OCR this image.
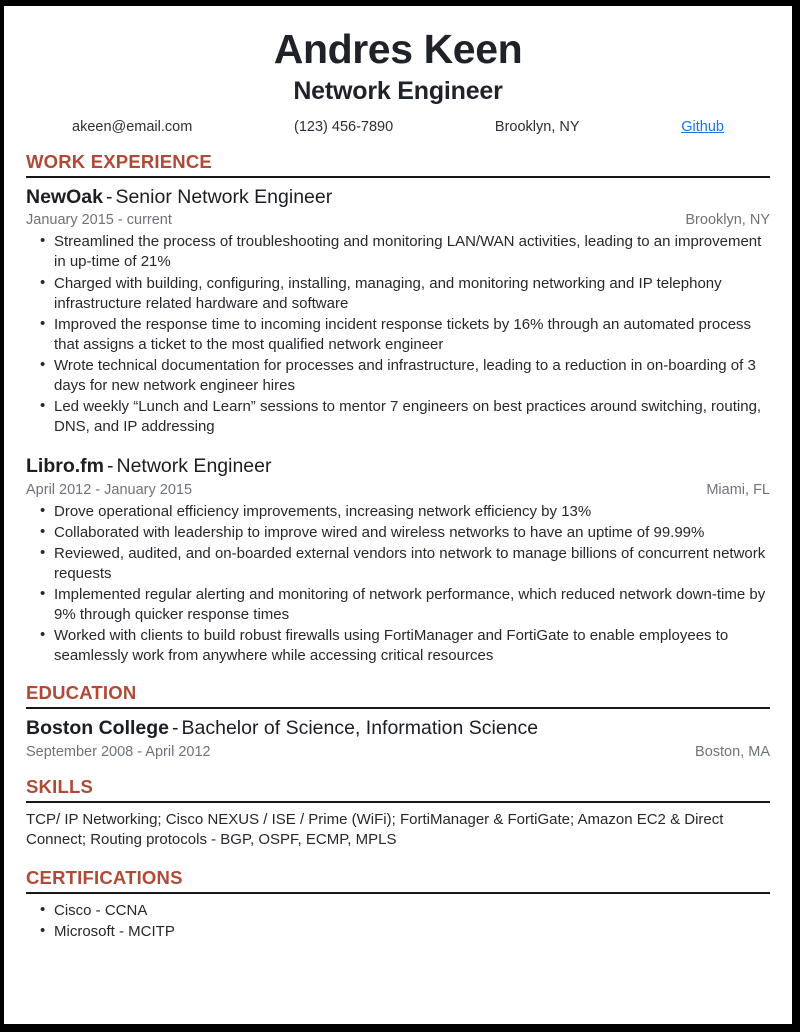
Andres Keen
Network Engineer
akeen@email.com	(123) 456-7890	Brooklyn, NY	Github
WORK EXPERIENCE
NewOak - Senior Network Engineer
January 2015 - current	Brooklyn, NY
• Streamlined the process of troubleshooting and monitoring LAN/WAN activities, leading to an improvement in up-time of 21%
• Charged with building, configuring, installing, managing, and monitoring networking and IP telephony infrastructure related hardware and software
• Improved the response time to incoming incident response tickets by 16% through an automated process that assigns a ticket to the most qualified network engineer
• Wrote technical documentation for processes and infrastructure, leading to a reduction in on-boarding of 3 days for new network engineer hires
• Led weekly “Lunch and Learn” sessions to mentor 7 engineers on best practices around switching, routing, DNS, and IP addressing
Libro.fm - Network Engineer
April 2012 - January 2015	Miami, FL
• Drove operational efficiency improvements, increasing network efficiency by 13%
• Collaborated with leadership to improve wired and wireless networks to have an uptime of 99.99%
• Reviewed, audited, and on-boarded external vendors into network to manage billions of concurrent network requests
• Implemented regular alerting and monitoring of network performance, which reduced network down-time by 9% through quicker response times
• Worked with clients to build robust firewalls using FortiManager and FortiGate to enable employees to seamlessly work from anywhere while accessing critical resources
EDUCATION
Boston College - Bachelor of Science, Information Science
September 2008 - April 2012	Boston, MA
SKILLS

TCP/ IP Networking; Cisco NEXUS / ISE / Prime (WiFi); FortiManager & FortiGate; Amazon EC2 & Direct Connect; Routing protocols - BGP, OSPF, ECMP, MPLS

CERTIFICATIONS
• Cisco - CCNA
• Microsoft - MCITP
